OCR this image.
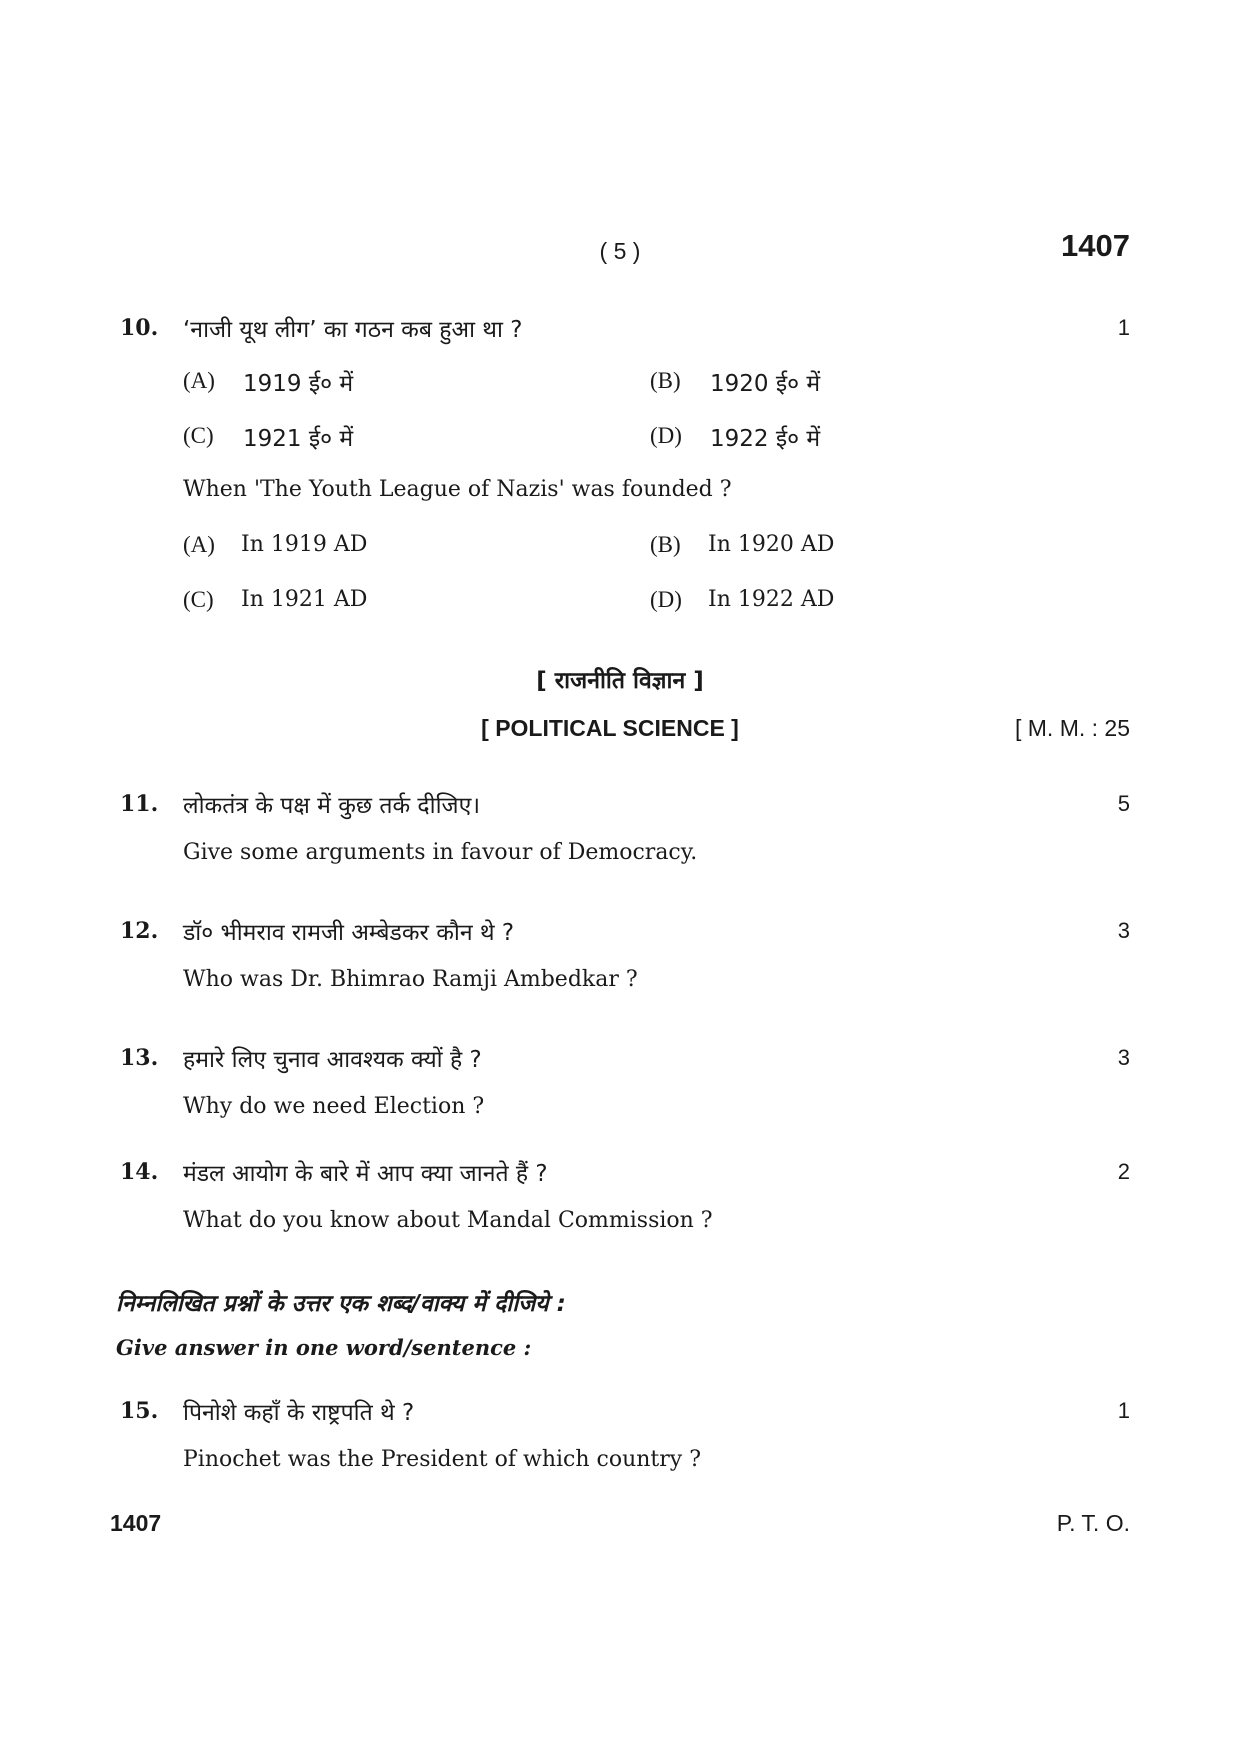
( 5 )	1407
10. ‘नाजी यूथ लीग’ का गठन कब हुआ था ?	1
(A) 1919 ई० में	(B) 1920 ई० में
(C) 1921 ई० में	(D) 1922 ई० में
When 'The Youth League of Nazis' was founded ?
(A) In 1919 AD	(B) In 1920 AD
(C) In 1921 AD	(D) In 1922 AD
[ राजनीति विज्ञान ]
[ POLITICAL SCIENCE ]	[ M. M. : 25
11. लोकतंत्र के पक्ष में कुछ तर्क दीजिए।	5
Give some arguments in favour of Democracy.
12. डॉ० भीमराव रामजी अम्बेडकर कौन थे ?	3
Who was Dr. Bhimrao Ramji Ambedkar ?
13. हमारे लिए चुनाव आवश्यक क्यों है ?	3
Why do we need Election ?
14. मंडल आयोग के बारे में आप क्या जानते हैं ?	2
What do you know about Mandal Commission ?
निम्नलिखित प्रश्नों के उत्तर एक शब्द/वाक्य में दीजिये :
Give answer in one word/sentence :
15. पिनोशे कहाँ के राष्ट्रपति थे ?	1
Pinochet was the President of which country ?
1407	P. T. O.
